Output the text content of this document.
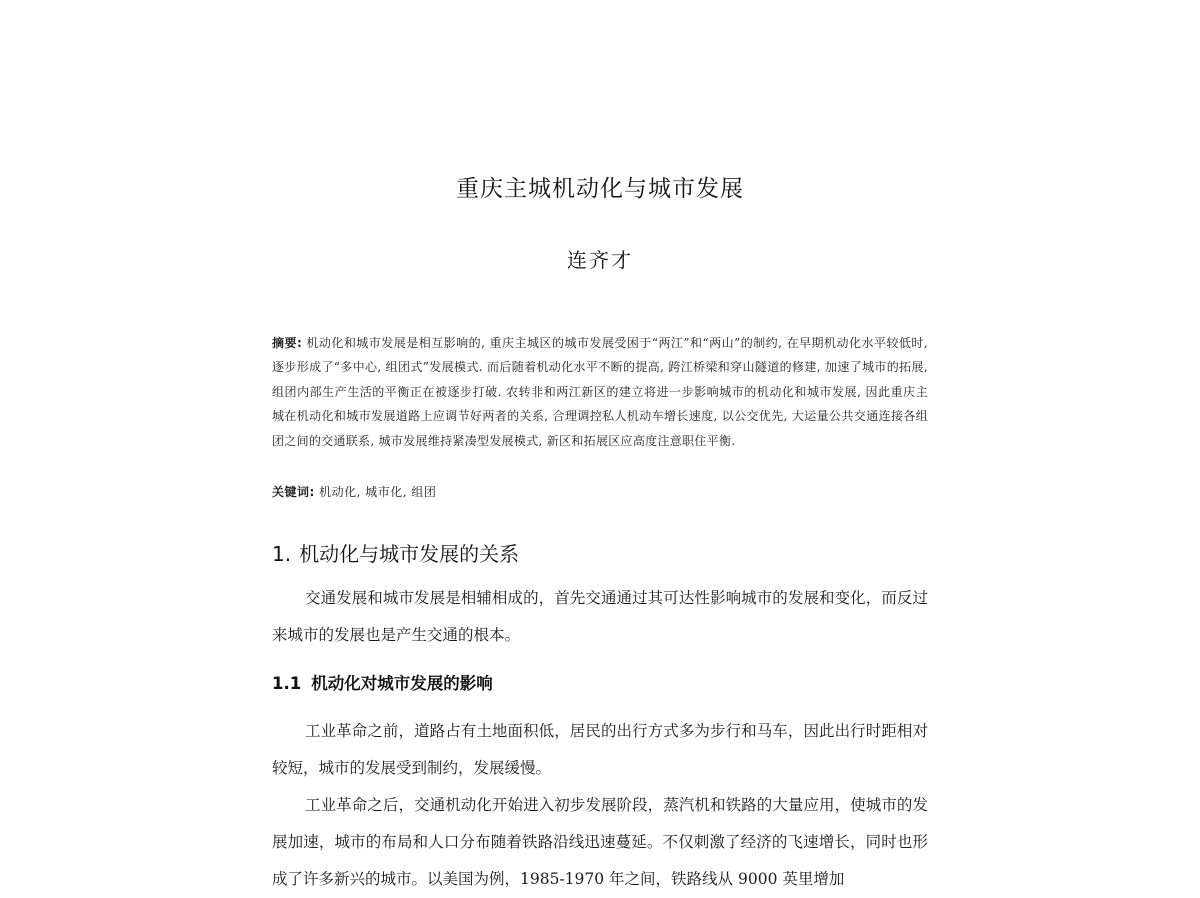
重庆主城机动化与城市发展
连齐才
摘要: 机动化和城市发展是相互影响的, 重庆主城区的城市发展受困于“两江”和“两山”的制约, 在早期机动化水平较低时, 逐步形成了“多中心, 组团式”发展模式. 而后随着机动化水平不断的提高, 跨江桥梁和穿山隧道的修建, 加速了城市的拓展, 组团内部生产生活的平衡正在被逐步打破. 农转非和两江新区的建立将进一步影响城市的机动化和城市发展, 因此重庆主城在机动化和城市发展道路上应调节好两者的关系, 合理调控私人机动车增长速度, 以公交优先, 大运量公共交通连接各组团之间的交通联系, 城市发展维持紧凑型发展模式, 新区和拓展区应高度注意职住平衡.
关键词: 机动化, 城市化, 组团
1. 机动化与城市发展的关系
交通发展和城市发展是相辅相成的，首先交通通过其可达性影响城市的发展和变化，而反过来城市的发展也是产生交通的根本。
1.1 机动化对城市发展的影响
工业革命之前，道路占有土地面积低，居民的出行方式多为步行和马车，因此出行时距相对较短，城市的发展受到制约，发展缓慢。
工业革命之后，交通机动化开始进入初步发展阶段，蒸汽机和铁路的大量应用，使城市的发展加速，城市的布局和人口分布随着铁路沿线迅速蔓延。不仅刺激了经济的飞速增长，同时也形成了许多新兴的城市。以美国为例，1985-1970 年之间，铁路线从 9000 英里增加
